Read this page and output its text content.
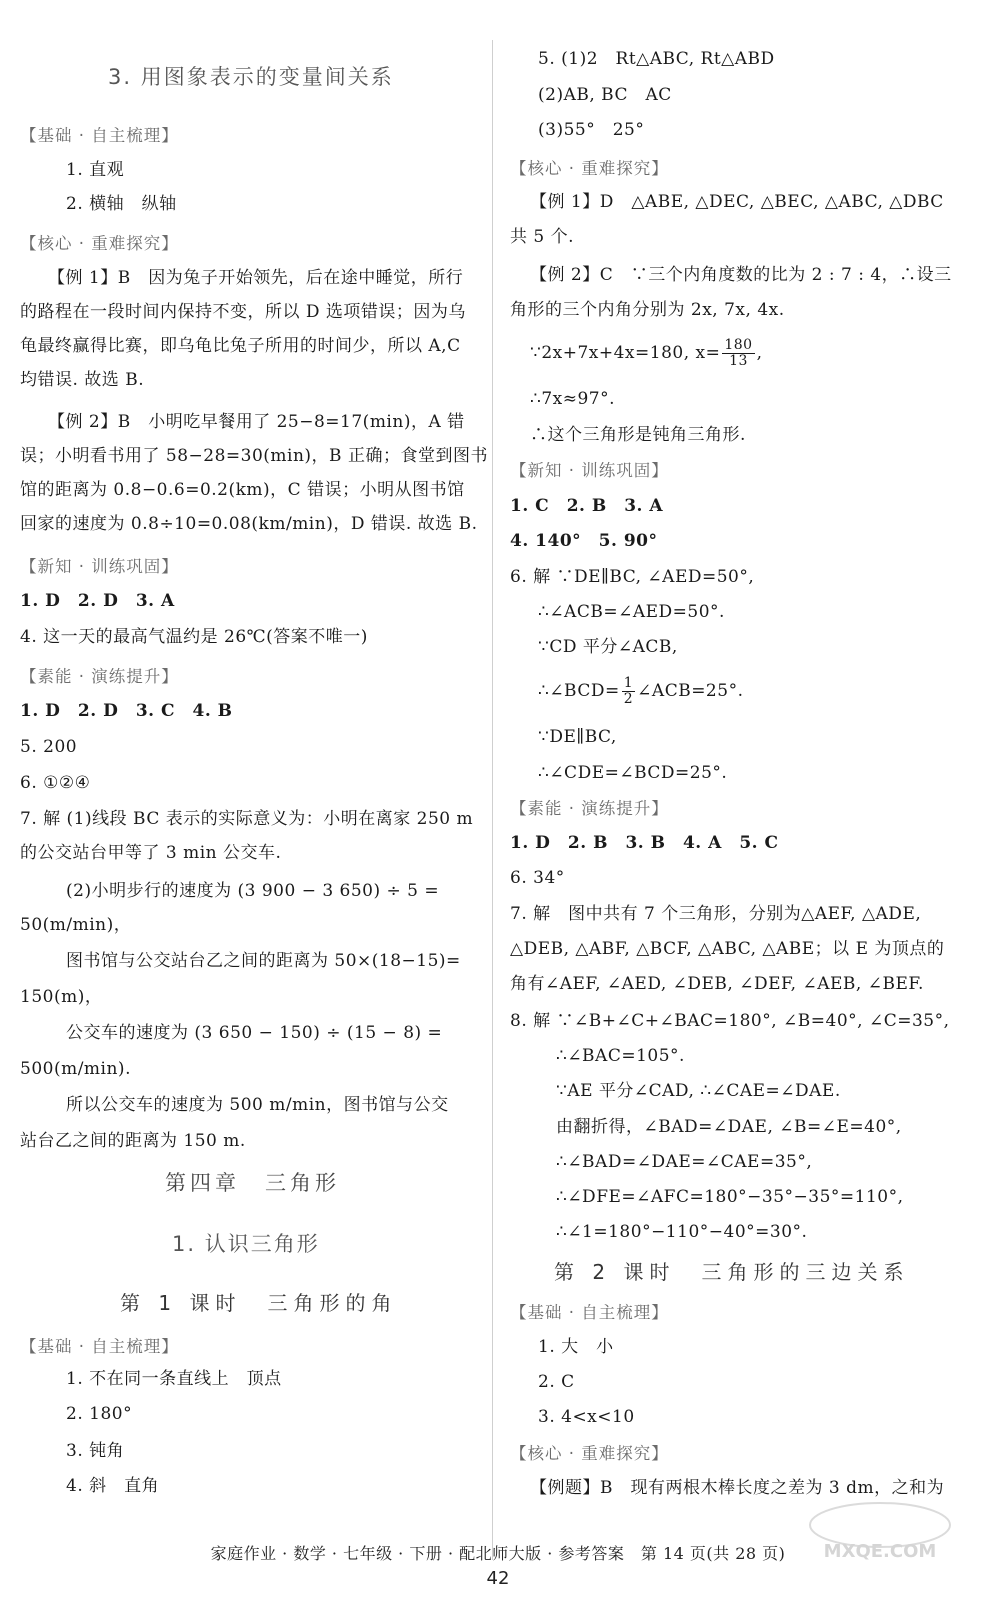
3. 用图象表示的变量间关系
【基础 · 自主梳理】
1. 直观
2. 横轴　纵轴
【核心 · 重难探究】
【例 1】B　因为兔子开始领先，后在途中睡觉，所行
的路程在一段时间内保持不变，所以 D 选项错误；因为乌
龟最终赢得比赛，即乌龟比兔子所用的时间少，所以 A,C
均错误. 故选 B.
【例 2】B　小明吃早餐用了 25−8=17(min)，A 错
误；小明看书用了 58−28=30(min)，B 正确；食堂到图书
馆的距离为 0.8−0.6=0.2(km)，C 错误；小明从图书馆
回家的速度为 0.8÷10=0.08(km/min)，D 错误. 故选 B.
【新知 · 训练巩固】
1. D　2. D　3. A
4. 这一天的最高气温约是 26℃(答案不唯一)
【素能 · 演练提升】
1. D　2. D　3. C　4. B
5. 200
6. ①②④
7. 解 (1)线段 BC 表示的实际意义为：小明在离家 250 m
的公交站台甲等了 3 min 公交车.
(2)小明步行的速度为 (3 900 − 3 650) ÷ 5 =
50(m/min)，
图书馆与公交站台乙之间的距离为 50×(18−15)=
150(m)，
公交车的速度为 (3 650 − 150) ÷ (15 − 8) =
500(m/min).
所以公交车的速度为 500 m/min，图书馆与公交
站台乙之间的距离为 150 m.
第四章　三角形
1. 认识三角形
第 1 课时　三角形的角
【基础 · 自主梳理】
1. 不在同一条直线上　顶点
2. 180°
3. 钝角
4. 斜　直角
5. (1)2　Rt△ABC, Rt△ABD
(2)AB, BC　AC
(3)55°　25°
【核心 · 重难探究】
【例 1】D　△ABE, △DEC, △BEC, △ABC, △DBC
共 5 个.
【例 2】C　∵三个内角度数的比为 2 : 7 : 4，∴设三
角形的三个内角分别为 2x, 7x, 4x.
∵2x+7x+4x=180, $x= \frac{180}{13}$ ,
∴7x≈97°.
∴这个三角形是钝角三角形.
【新知 · 训练巩固】
1. C　2. B　3. A
4. 140°　5. 90°
6. 解 ∵DE∥BC, ∠AED=50°,
∴∠ACB=∠AED=50°.
∵CD 平分∠ACB,
∴∠BCD= $\frac{1}{2}$ ∠ACB=25°.
∵DE∥BC,
∴∠CDE=∠BCD=25°.
【素能 · 演练提升】
1. D　2. B　3. B　4. A　5. C
6. 34°
7. 解　图中共有 7 个三角形，分别为△AEF, △ADE,
△DEB, △ABF, △BCF, △ABC, △ABE；以 E 为顶点的
角有∠AEF, ∠AED, ∠DEB, ∠DEF, ∠AEB, ∠BEF.
8. 解 ∵∠B+∠C+∠BAC=180°, ∠B=40°, ∠C=35°,
∴∠BAC=105°.
∵AE 平分∠CAD, ∴∠CAE=∠DAE.
由翻折得，∠BAD=∠DAE, ∠B=∠E=40°,
∴∠BAD=∠DAE=∠CAE=35°,
∴∠DFE=∠AFC=180°−35°−35°=110°,
∴∠1=180°−110°−40°=30°.
第 2 课时　三角形的三边关系
【基础 · 自主梳理】
1. 大　小
2. C
3. 4<x<10
【核心 · 重难探究】
【例题】B　现有两根木棒长度之差为 3 dm，之和为
MXQE.COM
家庭作业 · 数学 · 七年级 · 下册 · 配北师大版 · 参考答案　第 14 页(共 28 页)
42
